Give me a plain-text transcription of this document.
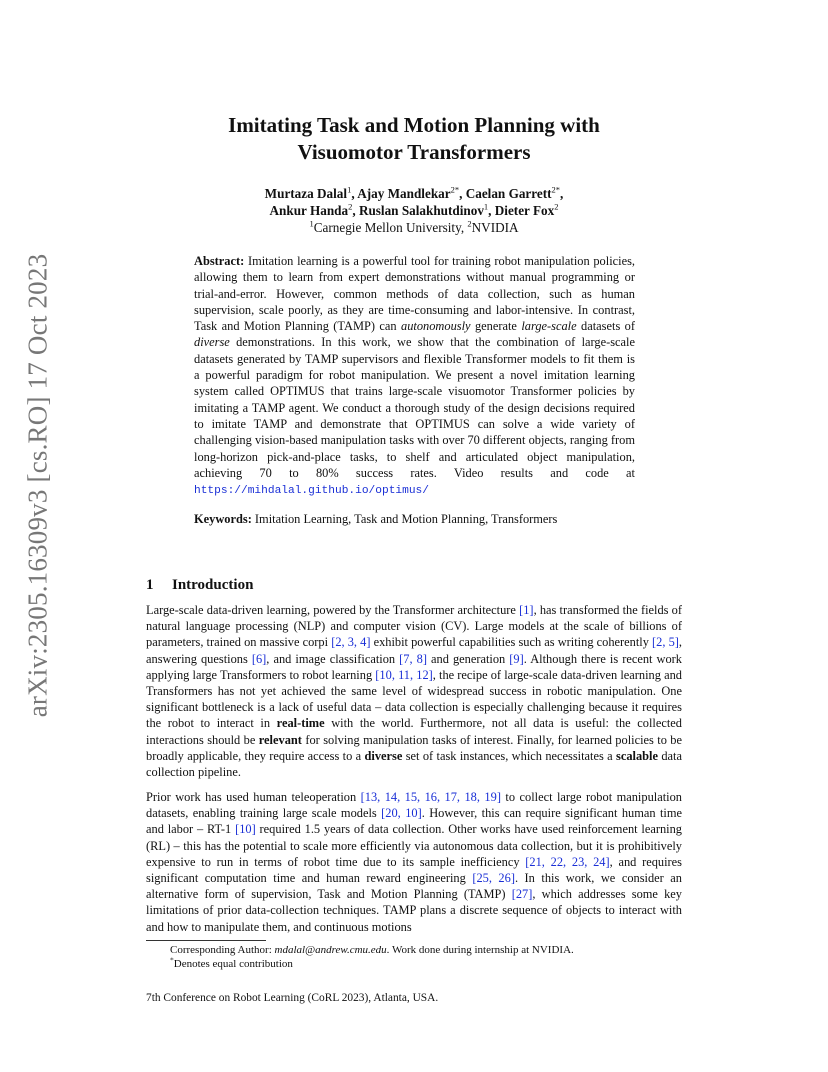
arXiv:2305.16309v3 [cs.RO] 17 Oct 2023
Imitating Task and Motion Planning with
Visuomotor Transformers
Murtaza Dalal$^1$, Ajay Mandlekar$^{2*}$, Caelan Garrett$^{2*}$,
Ankur Handa$^2$, Ruslan Salakhutdinov$^1$, Dieter Fox$^2$
$^1$Carnegie Mellon University, $^2$NVIDIA

Abstract: Imitation learning is a powerful tool for training robot manipulation policies, allowing them to learn from expert demonstrations without manual programming or trial-and-error. However, common methods of data collection, such as human supervision, scale poorly, as they are time-consuming and labor-intensive. In contrast, Task and Motion Planning (TAMP) can autonomously generate large-scale datasets of diverse demonstrations. In this work, we show that the combination of large-scale datasets generated by TAMP supervisors and flexible Transformer models to fit them is a powerful paradigm for robot manipulation. We present a novel imitation learning system called OPTIMUS that trains large-scale visuomotor Transformer policies by imitating a TAMP agent. We conduct a thorough study of the design decisions required to imitate TAMP and demonstrate that OPTIMUS can solve a wide variety of challenging vision-based manipulation tasks with over 70 different objects, ranging from long-horizon pick-and-place tasks, to shelf and articulated object manipulation, achieving 70 to 80% success rates. Video results and code at https://mihdalal.github.io/optimus/

Keywords: Imitation Learning, Task and Motion Planning, Transformers

1 Introduction

Large-scale data-driven learning, powered by the Transformer architecture [1], has transformed the fields of natural language processing (NLP) and computer vision (CV). Large models at the scale of billions of parameters, trained on massive corpi [2, 3, 4] exhibit powerful capabilities such as writing coherently [2, 5], answering questions [6], and image classification [7, 8] and generation [9]. Although there is recent work applying large Transformers to robot learning [10, 11, 12], the recipe of large-scale data-driven learning and Transformers has not yet achieved the same level of widespread success in robotic manipulation. One significant bottleneck is a lack of useful data – data collection is especially challenging because it requires the robot to interact in real-time with the world. Furthermore, not all data is useful: the collected interactions should be relevant for solving manipulation tasks of interest. Finally, for learned policies to be broadly applicable, they require access to a diverse set of task instances, which necessitates a scalable data collection pipeline.

Prior work has used human teleoperation [13, 14, 15, 16, 17, 18, 19] to collect large robot manipulation datasets, enabling training large scale models [20, 10]. However, this can require significant human time and labor – RT-1 [10] required 1.5 years of data collection. Other works have used reinforcement learning (RL) – this has the potential to scale more efficiently via autonomous data collection, but it is prohibitively expensive to run in terms of robot time due to its sample inefficiency [21, 22, 23, 24], and requires significant computation time and human reward engineering [25, 26]. In this work, we consider an alternative form of supervision, Task and Motion Planning (TAMP) [27], which addresses some key limitations of prior data-collection techniques. TAMP plans a discrete sequence of objects to interact with and how to manipulate them, and continuous motions

Corresponding Author: mdalal@andrew.cmu.edu. Work done during internship at NVIDIA.

*Denotes equal contribution

7th Conference on Robot Learning (CoRL 2023), Atlanta, USA.
